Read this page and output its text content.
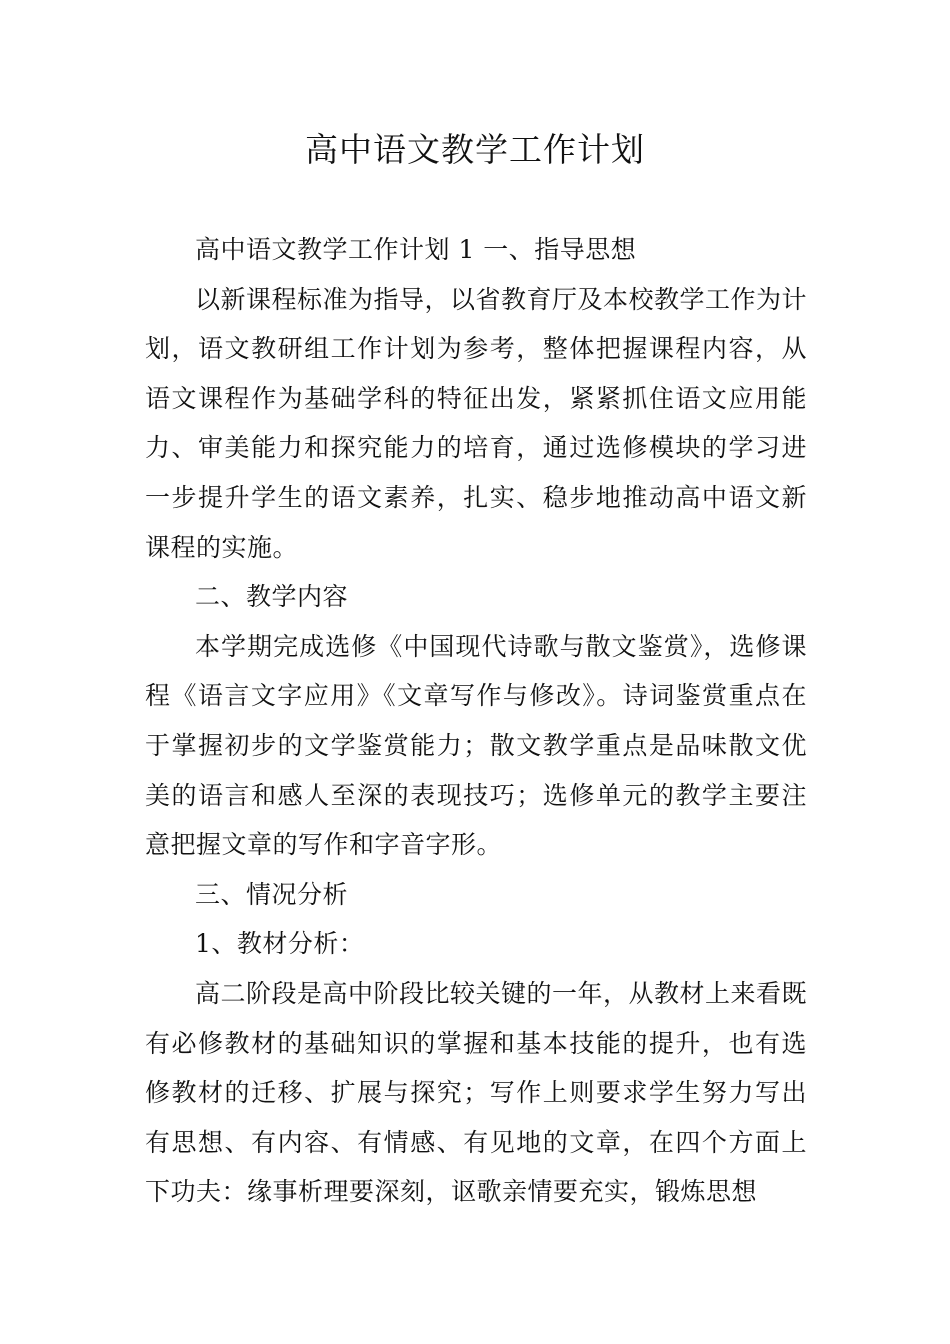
高中语文教学工作计划

高中语文教学工作计划 1 一、指导思想

以新课程标准为指导，以省教育厅及本校教学工作为计划，语文教研组工作计划为参考，整体把握课程内容，从语文课程作为基础学科的特征出发，紧紧抓住语文应用能力、审美能力和探究能力的培育，通过选修模块的学习进一步提升学生的语文素养，扎实、稳步地推动高中语文新课程的实施。

二、教学内容

本学期完成选修《中国现代诗歌与散文鉴赏》，选修课程《语言文字应用》《文章写作与修改》。诗词鉴赏重点在于掌握初步的文学鉴赏能力；散文教学重点是品味散文优美的语言和感人至深的表现技巧；选修单元的教学主要注意把握文章的写作和字音字形。

三、情况分析

1、教材分析：

高二阶段是高中阶段比较关键的一年，从教材上来看既有必修教材的基础知识的掌握和基本技能的提升，也有选修教材的迁移、扩展与探究；写作上则要求学生努力写出有思想、有内容、有情感、有见地的文章，在四个方面上下功夫：缘事析理要深刻，讴歌亲情要充实，锻炼思想
